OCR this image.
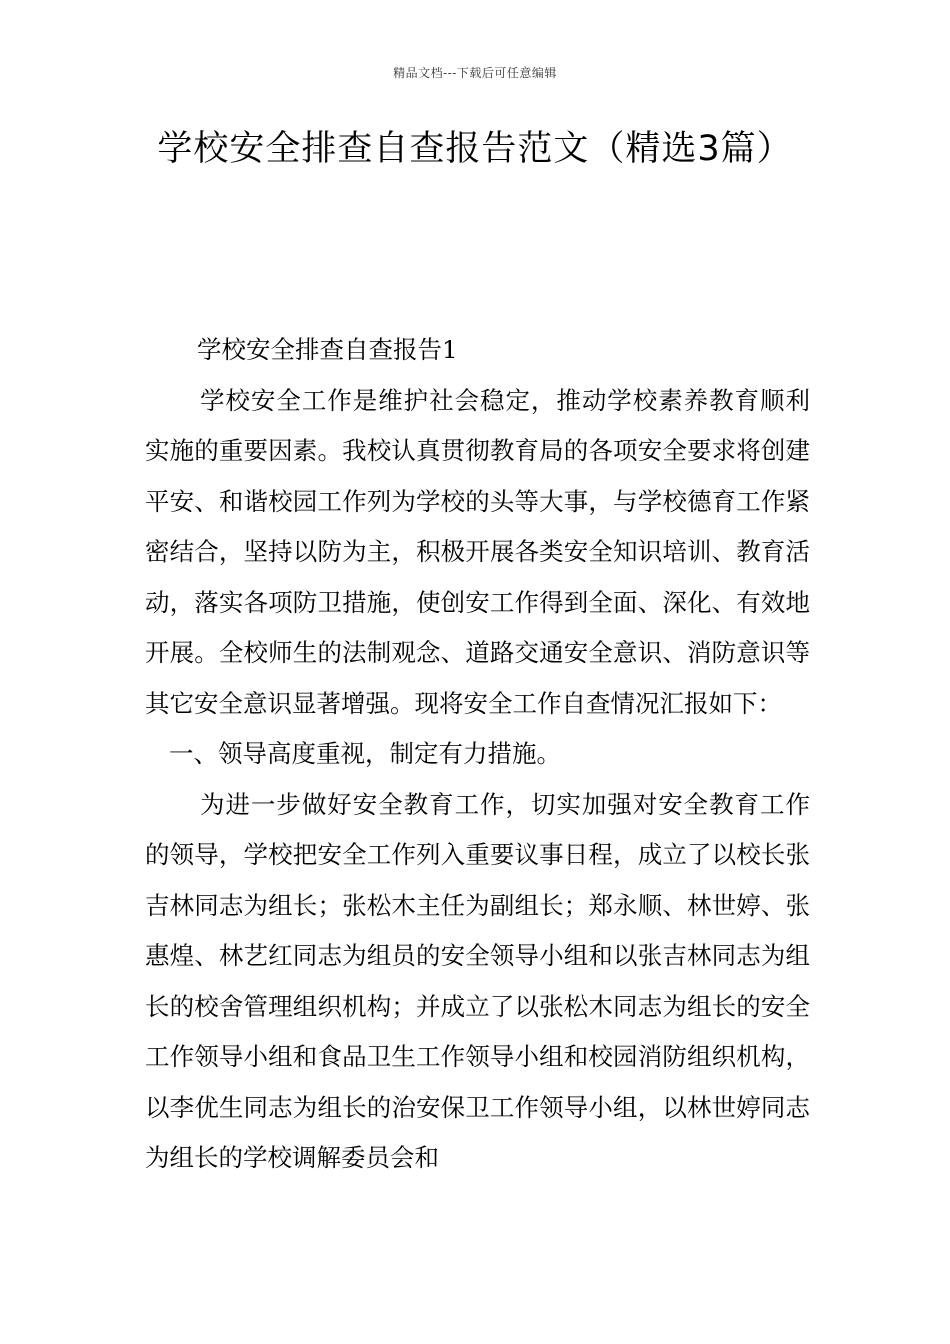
精品文档---下载后可任意编辑
学校安全排查自查报告范文（精选3篇）

学校安全排查自查报告1

学校安全工作是维护社会稳定，推动学校素养教育顺利实施的重要因素。我校认真贯彻教育局的各项安全要求将创建平安、和谐校园工作列为学校的头等大事，与学校德育工作紧密结合，坚持以防为主，积极开展各类安全知识培训、教育活动，落实各项防卫措施，使创安工作得到全面、深化、有效地开展。全校师生的法制观念、道路交通安全意识、消防意识等其它安全意识显著增强。现将安全工作自查情况汇报如下：

一、领导高度重视，制定有力措施。

为进一步做好安全教育工作，切实加强对安全教育工作的领导，学校把安全工作列入重要议事日程，成立了以校长张吉林同志为组长；张松木主任为副组长；郑永顺、林世婷、张惠煌、林艺红同志为组员的安全领导小组和以张吉林同志为组长的校舍管理组织机构；并成立了以张松木同志为组长的安全工作领导小组和食品卫生工作领导小组和校园消防组织机构，以李优生同志为组长的治安保卫工作领导小组，以林世婷同志为组长的学校调解委员会和
